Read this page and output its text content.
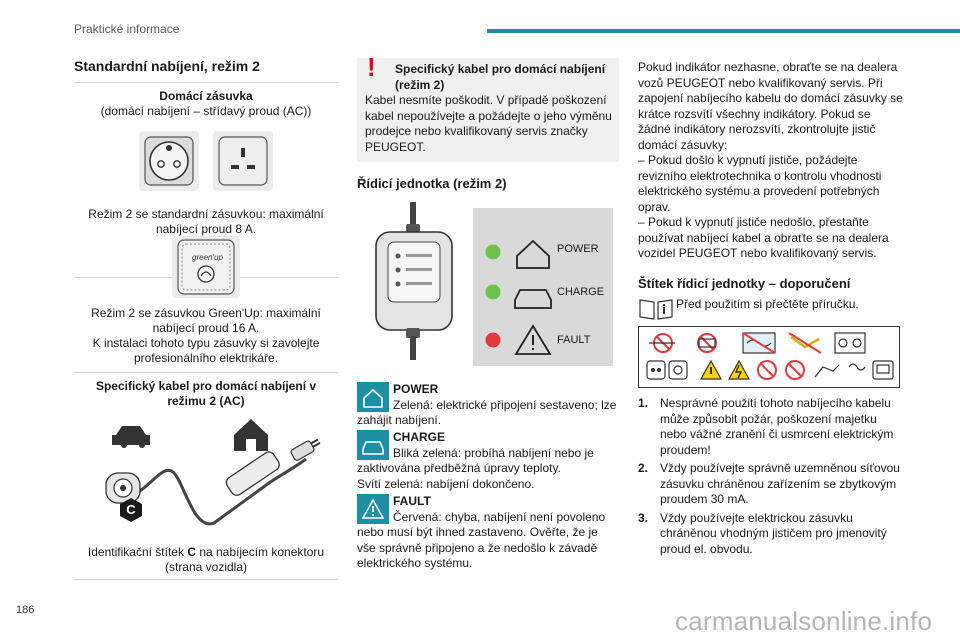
Praktické informace
Standardní nabíjení, režim 2
Domácí zásuvka
(domácí nabíjení – střídavý proud (AC))
Režim 2 se standardní zásuvkou: maximální nabíjecí proud 8 A.
green'up
Režim 2 se zásuvkou Green'Up: maximální nabíjecí proud 16 A.
K instalaci tohoto typu zásuvky si zavolejte profesionálního elektrikáře.
Specifický kabel pro domácí nabíjení v režimu 2 (AC)
C
Identifikační štítek C na nabíjecím konektoru (strana vozidla)
!	Specifický kabel pro domácí nabíjení (režim 2)
Kabel nesmíte poškodit. V případě poškození kabel nepoužívejte a požádejte o jeho výměnu prodejce nebo kvalifikovaný servis značky PEUGEOT.
Řídicí jednotka (režim 2)
POWER
CHARGE
FAULT
POWER
Zelená: elektrické připojení sestaveno; lze zahájit nabíjení.
CHARGE
Bliká zelená: probíhá nabíjení nebo je zaktivována předběžná úpravy teploty.
Svítí zelená: nabíjení dokončeno.
FAULT
Červená: chyba, nabíjení není povoleno nebo musí být ihned zastaveno. Ověřte, že je vše správně připojeno a že nedošlo k závadě elektrického systému.
Pokud indikátor nezhasne, obraťte se na dealera vozů PEUGEOT nebo kvalifikovaný servis. Při zapojení nabíjecího kabelu do domácí zásuvky se krátce rozsvítí všechny indikátory. Pokud se žádné indikátory nerozsvítí, zkontrolujte jistič domácí zásuvky:
– Pokud došlo k vypnutí jističe, požádejte revizního elektrotechnika o kontrolu vhodnosti elektrického systému a provedení potřebných oprav.
– Pokud k vypnutí jističe nedošlo, přestaňte používat nabíjecí kabel a obraťte se na dealera vozidel PEUGEOT nebo kvalifikovaný servis.
Štítek řídicí jednotky – doporučení
Před použitím si přečtěte příručku.
1. Nesprávné použití tohoto nabíjecího kabelu může způsobit požár, poškození majetku nebo vážné zranění či usmrcení elektrickým proudem!
2. Vždy používejte správně uzemněnou síťovou zásuvku chráněnou zařízením se zbytkovým proudem 30 mA.
3. Vždy používejte elektrickou zásuvku chráněnou vhodným jističem pro jmenovitý proud el. obvodu.
186	carmanualsonline.info
